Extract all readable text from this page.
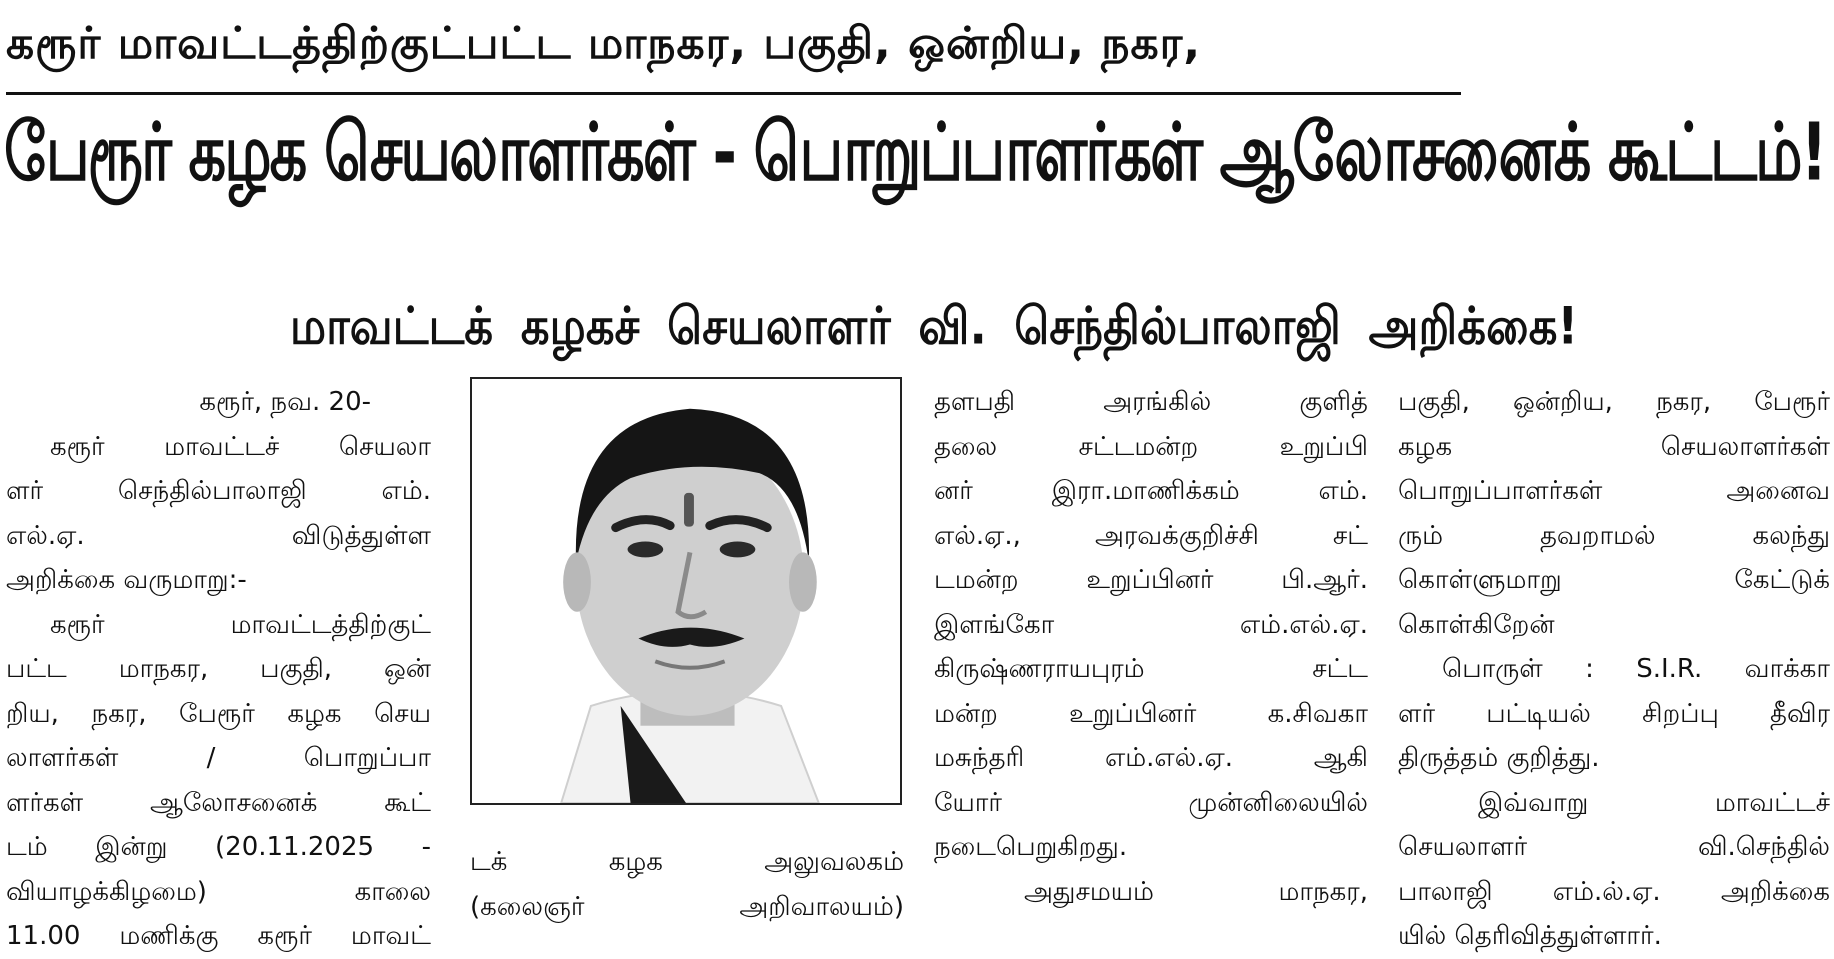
கரூர் மாவட்டத்திற்குட்பட்ட மாநகர, பகுதி, ஒன்றிய, நகர,
பேரூர் கழக செயலாளர்கள் - பொறுப்பாளர்கள் ஆலோசனைக் கூட்டம்!
மாவட்டக் கழகச் செயலாளர் வி. செந்தில்பாலாஜி அறிக்கை!
கரூர், நவ. 20-
கரூர் மாவட்டச் செயலா
ளர் செந்தில்பாலாஜி எம்.
எல்.ஏ. விடுத்துள்ள
அறிக்கை வருமாறு:-
கரூர் மாவட்டத்திற்குட்
பட்ட மாநகர, பகுதி, ஒன்
றிய, நகர, பேரூர் கழக செய
லாளர்கள் / பொறுப்பா
ளர்கள் ஆலோசனைக் கூட்
டம் இன்று (20.11.2025 -
வியாழக்கிழமை) காலை
11.00 மணிக்கு கரூர் மாவட்
டக் கழக அலுவலகம்
(கலைஞர் அறிவாலயம்)
தளபதி அரங்கில் குளித்
தலை சட்டமன்ற உறுப்பி
னர் இரா.மாணிக்கம் எம்.
எல்.ஏ., அரவக்குறிச்சி சட்
டமன்ற உறுப்பினர் பி.ஆர்.
இளங்கோ எம்.எல்.ஏ.
கிருஷ்ணராயபுரம் சட்ட
மன்ற உறுப்பினர் க.சிவகா
மசுந்தரி எம்.எல்.ஏ. ஆகி
யோர் முன்னிலையில்
நடைபெறுகிறது.
அதுசமயம் மாநகர,
பகுதி, ஒன்றிய, நகர, பேரூர்
கழக செயலாளர்கள்
பொறுப்பாளர்கள் அனைவ
ரும் தவறாமல் கலந்து
கொள்ளுமாறு கேட்டுக்
கொள்கிறேன்
பொருள் : S.I.R. வாக்கா
ளர் பட்டியல் சிறப்பு தீவிர
திருத்தம் குறித்து.
இவ்வாறு மாவட்டச்
செயலாளர் வி.செந்தில்
பாலாஜி எம்.ல்.ஏ. அறிக்கை
யில் தெரிவித்துள்ளார்.
